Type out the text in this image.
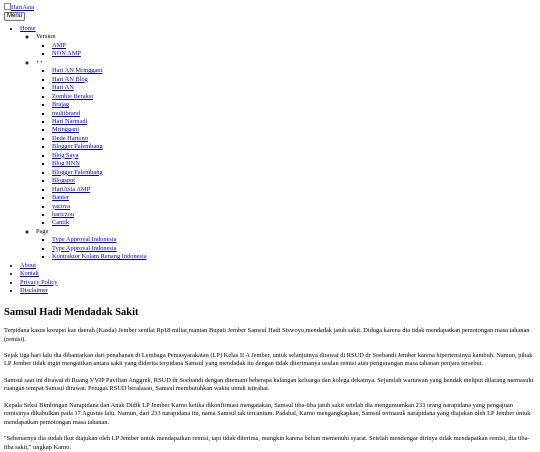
HariAsia
Menu
• Home
◦ Version
▪ AMP
▪ NON AMP
◦ ++
▪ Hari AN Mringgani
▪ Hari AN Blog
▪ Hari AN
▪ Zombie Beraksi
▪ Brajag
▪ multibrand
▪ Hari Narmadi
▪ Mringgani
▪ Dede Hartono
▪ Blogger Palembang
▪ Blog Saya
▪ Blog HNN
▪ Blogger Palembang
▪ Blogspot
▪ HariAsia AMP
▪ Banter
▪ yacova
▪ hariczou
▪ Cantik
◦ Page
▪ Type Approval Indonesia
▪ Type Approval Indonesia
▪ Kontraktor Kolam Renang Indonesia
• About
• Kontak
• Privacy Policy
• Disclaimer
Samsul Hadi Mendadak Sakit

Terpidana kasus korupsi kas daerah (Kasda) Jember senilai Rp18 miliar,mantan Bupati Jember Samsul Hadi Siswoyo,mendadak jatuh sakit. Diduga karena dia tidak mendapatkan pemotongan masa tahanan (remisi).

Sejak tiga hari lalu dia dibantarkan dari penahanan di Lembaga Pemasyarakatan (LP) Kelas II A Jember, untuk selanjutnya dirawat di RSUD dr Soebandi Jember karena hipertensinya kambuh. Namun, pihak LP Jember tidak ingin mengaitkan antara sakit yang diderita terpidana Samsul yang mendadak itu dengan tidak diterimanya usulan remisi atau pengurangan masa tahanan penjara tersebut.

Samsul saat ini dirawat di Ruang VVIP Pavilian Anggrek, RSUD dr Soebandi dengan ditemani beberapa kalangan keluarga dan kolega dekatnya. Sejumlah wartawan yang hendak meliput dilarang memasuki ruangan tempat Samsul dirawat. Petugas RSUD beralasan, Samsul membutuhkan waktu untuk istirahat.

Kepala Seksi Bimbingan Narapidana dan Anak Didik LP Jember Karno ketika dikonfirmasi mengatakan, Samsul tiba-tiba jatuh sakit setelah dia mengumumkan 233 orang narapidana yang pengajuan remisinya dikabulkan pada 17 Agustus lalu. Namun, dari 233 narapidana itu, nama Samsul tak tercantum. Padahal, Karno mengangkapkan, Samsul termasuk narapidana yang diajukan oleh LP Jember untuk mendapatkan pemotongan masa tahanan.

"Sebenarnya dia sudah ikut diajukan oleh LP Jember untuk mendapatkan remisi, tapi tidak diterima, mungkin karena belum memenuhi syarat. Setelah mendengar dirinya tidak mendapatkan remisi, dia tiba-tiba sakit," ungkap Karno.
